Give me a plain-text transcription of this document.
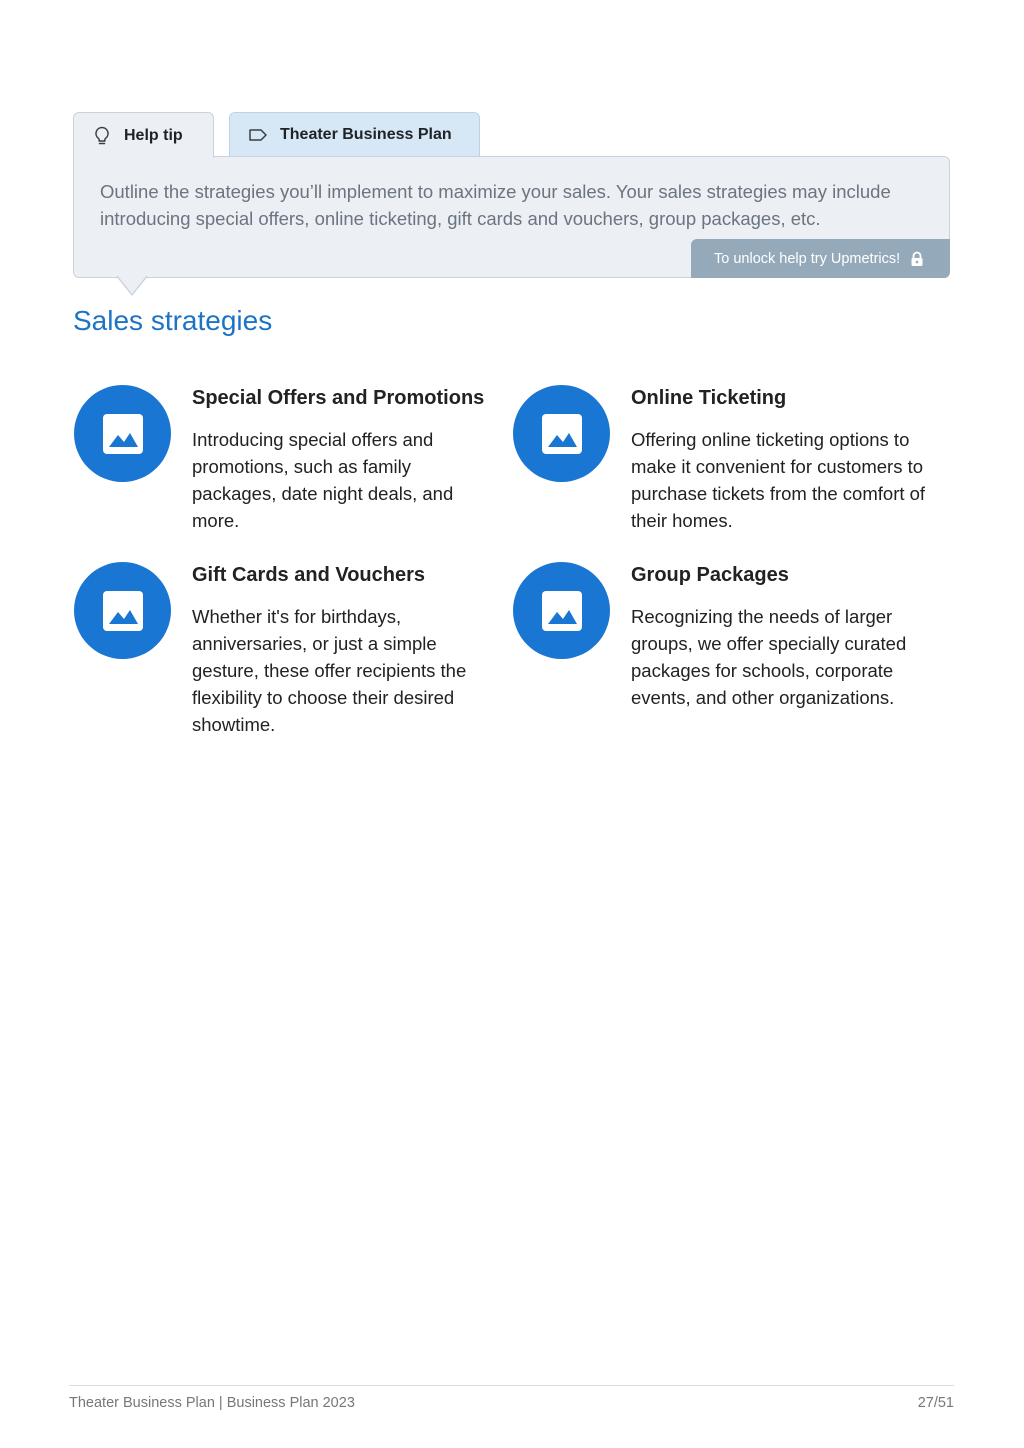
Help tip	Theater Business Plan

Outline the strategies you’ll implement to maximize your sales. Your sales strategies may include introducing special offers, online ticketing, gift cards and vouchers, group packages, etc.

To unlock help try Upmetrics!
Sales strategies
Special Offers and Promotions

Introducing special offers and promotions, such as family packages, date night deals, and more.

Online Ticketing

Offering online ticketing options to make it convenient for customers to purchase tickets from the comfort of their homes.

Gift Cards and Vouchers

Whether it's for birthdays, anniversaries, or just a simple gesture, these offer recipients the flexibility to choose their desired showtime.

Group Packages

Recognizing the needs of larger groups, we offer specially curated packages for schools, corporate events, and other organizations.

Theater Business Plan | Business Plan 2023	27/51
